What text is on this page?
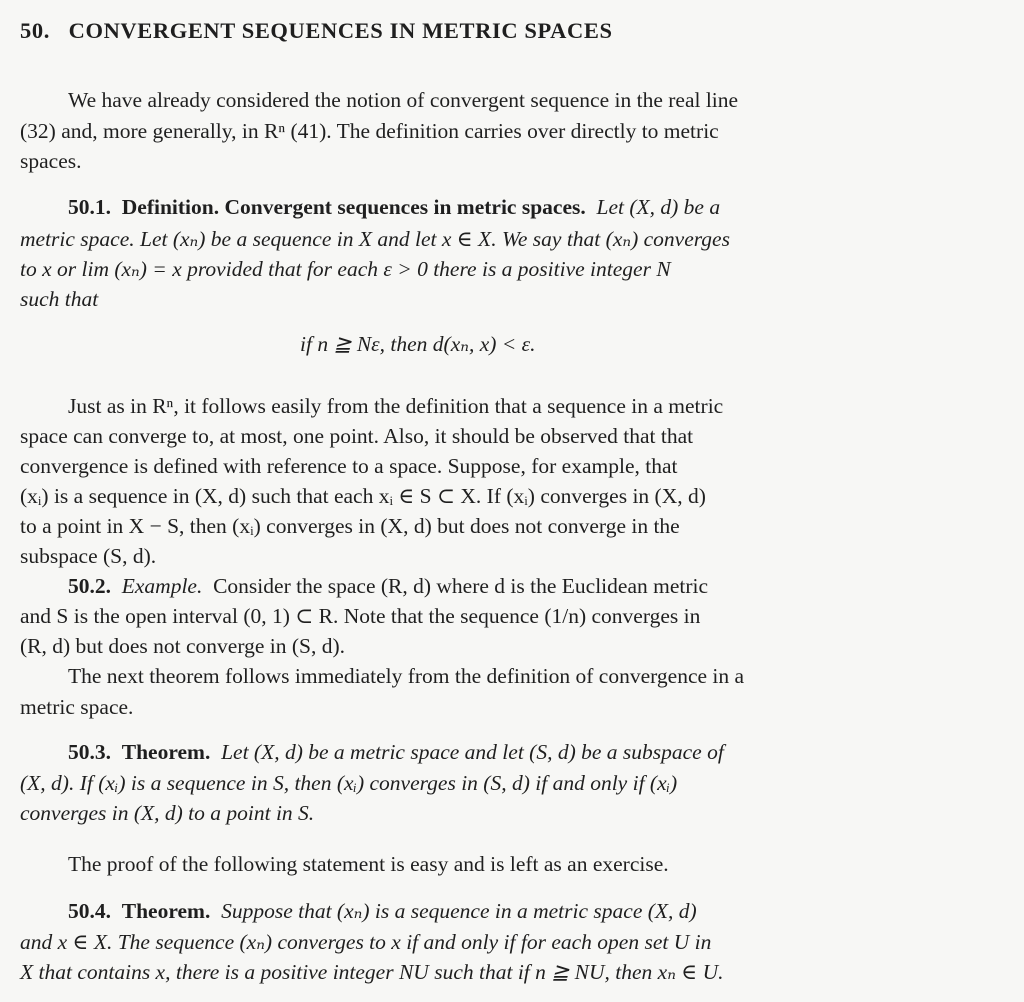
50. CONVERGENT SEQUENCES IN METRIC SPACES
We have already considered the notion of convergent sequence in the real line
(32) and, more generally, in Rⁿ (41). The definition carries over directly to metric
spaces.
50.1. Definition. Convergent sequences in metric spaces. Let (X, d) be a
metric space. Let (xₙ) be a sequence in X and let x ∈ X. We say that (xₙ) converges
to x or lim (xₙ) = x provided that for each ε > 0 there is a positive integer N
such that
if n ≧ Nε, then d(xₙ, x) < ε.
Just as in Rⁿ, it follows easily from the definition that a sequence in a metric
space can converge to, at most, one point. Also, it should be observed that that
convergence is defined with reference to a space. Suppose, for example, that
(xᵢ) is a sequence in (X, d) such that each xᵢ ∈ S ⊂ X. If (xᵢ) converges in (X, d)
to a point in X − S, then (xᵢ) converges in (X, d) but does not converge in the
subspace (S, d).
50.2. Example. Consider the space (R, d) where d is the Euclidean metric
and S is the open interval (0, 1) ⊂ R. Note that the sequence (1/n) converges in
(R, d) but does not converge in (S, d).
The next theorem follows immediately from the definition of convergence in a
metric space.
50.3. Theorem. Let (X, d) be a metric space and let (S, d) be a subspace of
(X, d). If (xᵢ) is a sequence in S, then (xᵢ) converges in (S, d) if and only if (xᵢ)
converges in (X, d) to a point in S.
The proof of the following statement is easy and is left as an exercise.
50.4. Theorem. Suppose that (xₙ) is a sequence in a metric space (X, d)
and x ∈ X. The sequence (xₙ) converges to x if and only if for each open set U in
X that contains x, there is a positive integer NU such that if n ≧ NU, then xₙ ∈ U.
